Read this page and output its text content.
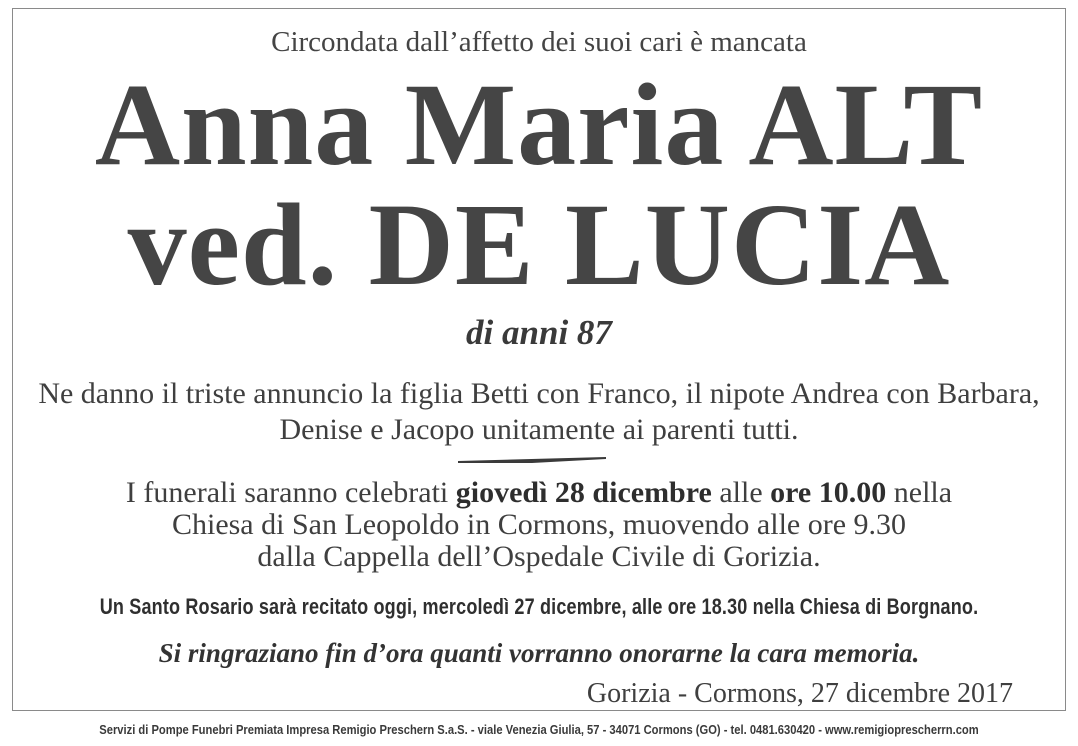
Circondata dall’affetto dei suoi cari è mancata

Anna Maria ALT

ved. DE LUCIA

di anni 87

Ne danno il triste annuncio la figlia Betti con Franco, il nipote Andrea con Barbara,
Denise e Jacopo unitamente ai parenti tutti.
I funerali saranno celebrati giovedì 28 dicembre alle ore 10.00 nella
Chiesa di San Leopoldo in Cormons, muovendo alle ore 9.30
dalla Cappella dell’Ospedale Civile di Gorizia.

Un Santo Rosario sarà recitato oggi, mercoledì 27 dicembre, alle ore 18.30 nella Chiesa di Borgnano.

Si ringraziano fin d’ora quanti vorranno onorarne la cara memoria.

Gorizia - Cormons, 27 dicembre 2017

Servizi di Pompe Funebri Premiata Impresa Remigio Preschern S.a.S. - viale Venezia Giulia, 57 - 34071 Cormons (GO) - tel. 0481.630420 - www.remigioprescherrn.com
